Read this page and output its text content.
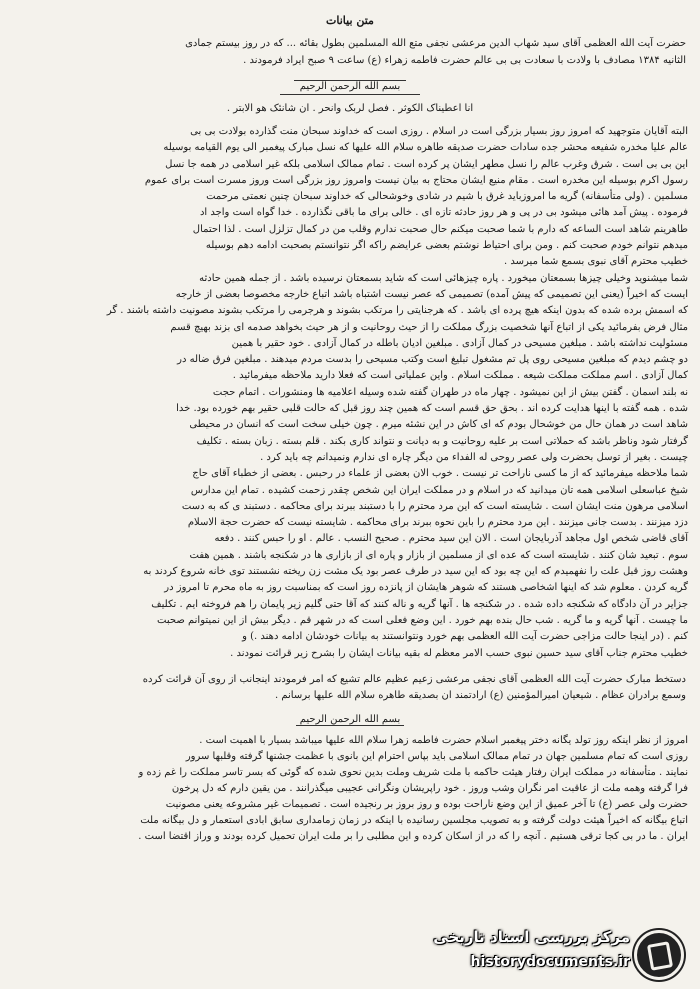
متن بیانات

حضرت آیت الله العظمی آقای سید شهاب الدین مرعشی نجفی متع الله المسلمین بطول بقائه ... که در روز بیستم جمادی

الثانیه ۱۳۸۴ مصادف با ولادت با سعادت بی بی عالم حضرت فاطمه زهراء (ع) ساعت ۹ صبح ایراد فرمودند .

بسم الله الرحمن الرحیم
انا اعطیناک الکوثر . فصل لربک وانحر . ان شانئک هو الابتر .

البته آقایان متوجهید که امروز روز بسیار بزرگی است در اسلام . روزی است که خداوند سبحان منت گذارده بولادت بی بی

عالم علیا مخدره شفیعه محشر جده سادات حضرت صدیقه طاهره سلام الله علیها که نسل مبارک پیغمبر الی یوم القیامه بوسیله

این بی بی است . شرق وغرب عالم را نسل مطهر ایشان پر کرده است . تمام ممالک اسلامی بلکه غیر اسلامی در همه جا نسل

رسول اکرم بوسیله این مخدره است . مقام منیع ایشان محتاج به بیان نیست وامروز روز بزرگی است وروز مسرت است برای عموم

مسلمین . (ولی متأسفانه) گریه ما امروزباید غرق با شیم در شادی وخوشحالی که خداوند سبحان چنین نعمتی مرحمت

فرموده . پیش آمد هائی میشود بی در پی و هر روز حادثه تازه ای . خالی برای ما باقی نگذارده . خدا گواه است واجد اد

طاهرینم شاهد است الساعه که دارم با شما صحبت میکنم حال صحبت ندارم وقلب من در کمال تزلزل است . لذا احتمال

میدهم نتوانم خودم صحبت کنم . ومن برای احتیاط نوشتم بعضی عرایضم راکه اگر نتوانستم بصحبت ادامه دهم بوسیله

خطیب محترم آقای نبوی بسمع شما میرسد .

شما میشنوید وخیلی چیزها بسمعتان میخورد . پاره چیزهائی است که شاید بسمعتان نرسیده باشد . از جمله همین حادثه

ایست که اخیراً (یعنی این تصمیمی که پیش آمده) تصمیمی که عصر نیست اشتباه باشد اتباع خارجه مخصوصا بعضی از خارجه

که اسمش برده شده که بدون اینکه هیچ پرده ای باشد . که هرجنایتی را مرتکب بشوند و هرجرمی را مرتکب بشوند مصونیت داشته باشند . گر

مثال فرض بفرمائید یکی از اتباع آنها شخصیت بزرگ مملکت را از حیث روحانیت و از هر حیث بخواهد صدمه ای بزند بهیچ قسم

مسئولیت نداشته باشد . مبلغین مسیحی در کمال آزادی . مبلغین ادیان باطله در کمال آزادی . خود حقیر با همین

دو چشم دیدم که مبلغین مسیحی روی پل تم مشغول تبلیغ است وکتب مسیحی را بدست مردم میدهند . مبلغین فرق ضاله در

کمال آزادی . اسم مملکت مملکت شیعه . مملکت اسلام . واین عملیاتی است که فعلا دارید ملاحظه میفرمائید .

نه بلند اسمان . گفتن بیش از این نمیشود . چهار ماه در طهران گفته شده وسیله اعلامیه ها ومنشورات . اتمام حجت

شده . همه گفته با اینها هدایت کرده اند . بحق حق قسم است که همین چند روز قبل که حالت قلبی حقیر بهم خورده بود. خدا

شاهد است در همان حال من خوشحال بودم که ای کاش در این نشئه میرم . چون خیلی سخت است که انسان در محیطی

گرفتار شود وناظر باشد که حملاتی است بر علیه روحانیت و به دیانت و نتواند کاری بکند . قلم بسته . زبان بسته . تکلیف

چیست . بغیر از توسل بحضرت ولی عصر روحی له الفداء من دیگر چاره ای ندارم ونمیدانم چه باید کرد .

شما ملاحظه میفرمائید که از ما کسی ناراحت تر نیست . خوب الان بعضی از علماء در رحبس . بعضی از خطباء آقای حاج

شیخ عباسعلی اسلامی همه تان میدانید که در اسلام و در مملکت ایران این شخص چقدر زحمت کشیده . تمام این مدارس

اسلامی مرهون منت ایشان است . شایسته است که این مرد محترم را با دستبند ببرند برای محاکمه . دستبند ی که به دست

دزد میزنند . بدست جانی میزنند . این مرد محترم را باین نحوه ببرند برای محاکمه . شایسته نیست که حضرت حجة الاسلام

آقای قاضی شخص اول مجاهد آذربایجان است . الان این سید محترم . صحیح النسب . عالم . او را حبس کنند . دفعه

سوم . تبعید شان کنند . شایسته است که عده ای از مسلمین از بازار و پاره ای از بازاری ها در شکنجه باشند . همین هفت

وهشت روز قبل علت را نفهمیدم که این چه بود که این سید در طرف عصر بود یک مشت زن ریخته نشستند توی خانه شروع کردند به

گریه کردن . معلوم شد که اینها اشخاصی هستند که شوهر هایشان از پانزده روز است که بمناسبت روز به ماه محرم تا امروز در

جزایر در آن دادگاه که شکنجه داده شده . در شکنجه ها . آنها گریه و ناله کنند که آقا حتی گلیم زیر پایمان را هم فروخته ایم . تکلیف

ما چیست . آنها گریه و ما گریه . شب حال بنده بهم خورد . این وضع فعلی است که در شهر قم . دیگر بیش از این نمیتوانم صحبت

کنم . (در اینجا حالت مزاجی حضرت آیت الله العظمی بهم خورد ونتوانستند به بیانات خودشان ادامه دهند .) و

خطیب محترم جناب آقای سید حسین نبوی حسب الامر معظم له بقیه بیانات ایشان را بشرح زیر قرائت نمودند .

دستخط مبارک حضرت آیت الله العظمی آقای نجفی مرعشی زعیم عظیم عالم تشیع که امر فرمودند اینجانب از روی آن قرائت کرده

وسمع برادران عظام . شیعیان امیرالمؤمنین (ع) ارادتمند ان بصدیقه طاهره سلام الله علیها برسانم .

بسم الله الرحمن الرحیم

امروز از نظر اینکه روز تولد یگانه دختر پیغمبر اسلام حضرت فاطمه زهرا سلام الله علیها میباشد بسیار با اهمیت است .

روزی است که تمام مسلمین جهان در تمام ممالک اسلامی باید بپاس احترام این بانوی با عظمت جشنها گرفته وقلبها سرور

نمایند . متأسفانه در مملکت ایران رفتار هیئت حاکمه با ملت شریف وملت بدین نحوی شده که گوئی که بسر تاسر مملکت را غم زده و

فرا گرفته وهمه ملت از عاقبت امر نگران وشب وروز . خود راپریشان ونگرانی عجیبی میگذرانند . من یقین دارم که دل پرخون

حضرت ولی عصر (ع) تا آخر عمیق از این وضع ناراحت بوده و روز بروز بر رنجیده است . تصمیمات غیر مشروعه یعنی مصونیت

اتباع بیگانه که اخیراً هیئت دولت گرفته و به تصویب مجلسین رسانیده با اینکه در زمان زمامداری سابق ابادی استعمار و دل بیگانه ملت

ایران . ما در بی کجا ترقی هستیم . آنچه را که در از اسکان کرده و این مطلبی را بر ملت ایران تحمیل کرده بودند و وراز اقتضا است .

مرکز بررسی اسناد تاریخی
historydocuments.ir
